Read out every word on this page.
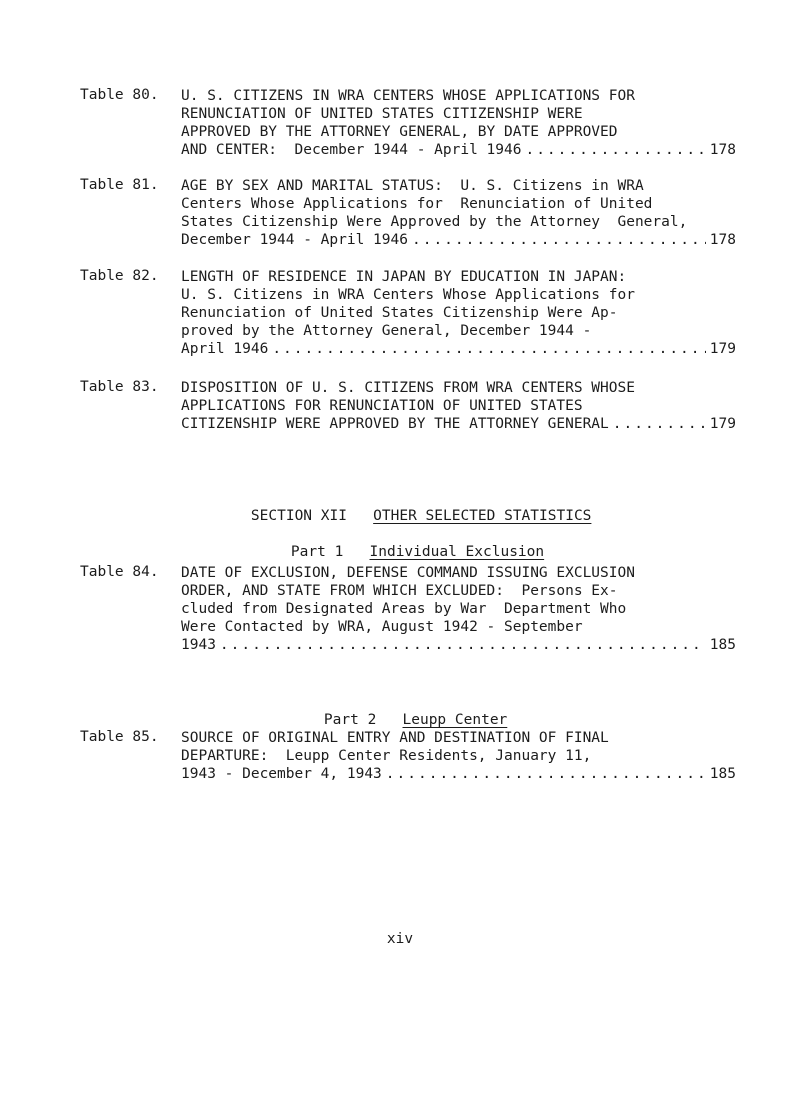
Table 80. U. S. CITIZENS IN WRA CENTERS WHOSE APPLICATIONS FOR
RENUNCIATION OF UNITED STATES CITIZENSHIP WERE
APPROVED BY THE ATTORNEY GENERAL, BY DATE APPROVED
AND CENTER:  December 1944 - April 1946 .....	178
Table 81. AGE BY SEX AND MARITAL STATUS:  U. S. Citizens in WRA
Centers Whose Applications for  Renunciation of United
States Citizenship Were Approved by the Attorney  General,
December 1944 - April 1946 .....	178
Table 82. LENGTH OF RESIDENCE IN JAPAN BY EDUCATION IN JAPAN:
U. S. Citizens in WRA Centers Whose Applications for
Renunciation of United States Citizenship Were Ap-
proved by the Attorney General, December 1944 -
April 1946 .....	179
Table 83. DISPOSITION OF U. S. CITIZENS FROM WRA CENTERS WHOSE
APPLICATIONS FOR RENUNCIATION OF UNITED STATES
CITIZENSHIP WERE APPROVED BY THE ATTORNEY GENERAL .....	179

SECTION XII OTHER SELECTED STATISTICS

Part 1 Individual Exclusion

Table 84. DATE OF EXCLUSION, DEFENSE COMMAND ISSUING EXCLUSION
ORDER, AND STATE FROM WHICH EXCLUDED:  Persons Ex-
cluded from Designated Areas by War  Department Who
Were Contacted by WRA, August 1942 - September
1943 .....	185

Part 2 Leupp Center

Table 85. SOURCE OF ORIGINAL ENTRY AND DESTINATION OF FINAL
DEPARTURE:  Leupp Center Residents, January 11,
1943 - December 4, 1943 .....	185
xiv
